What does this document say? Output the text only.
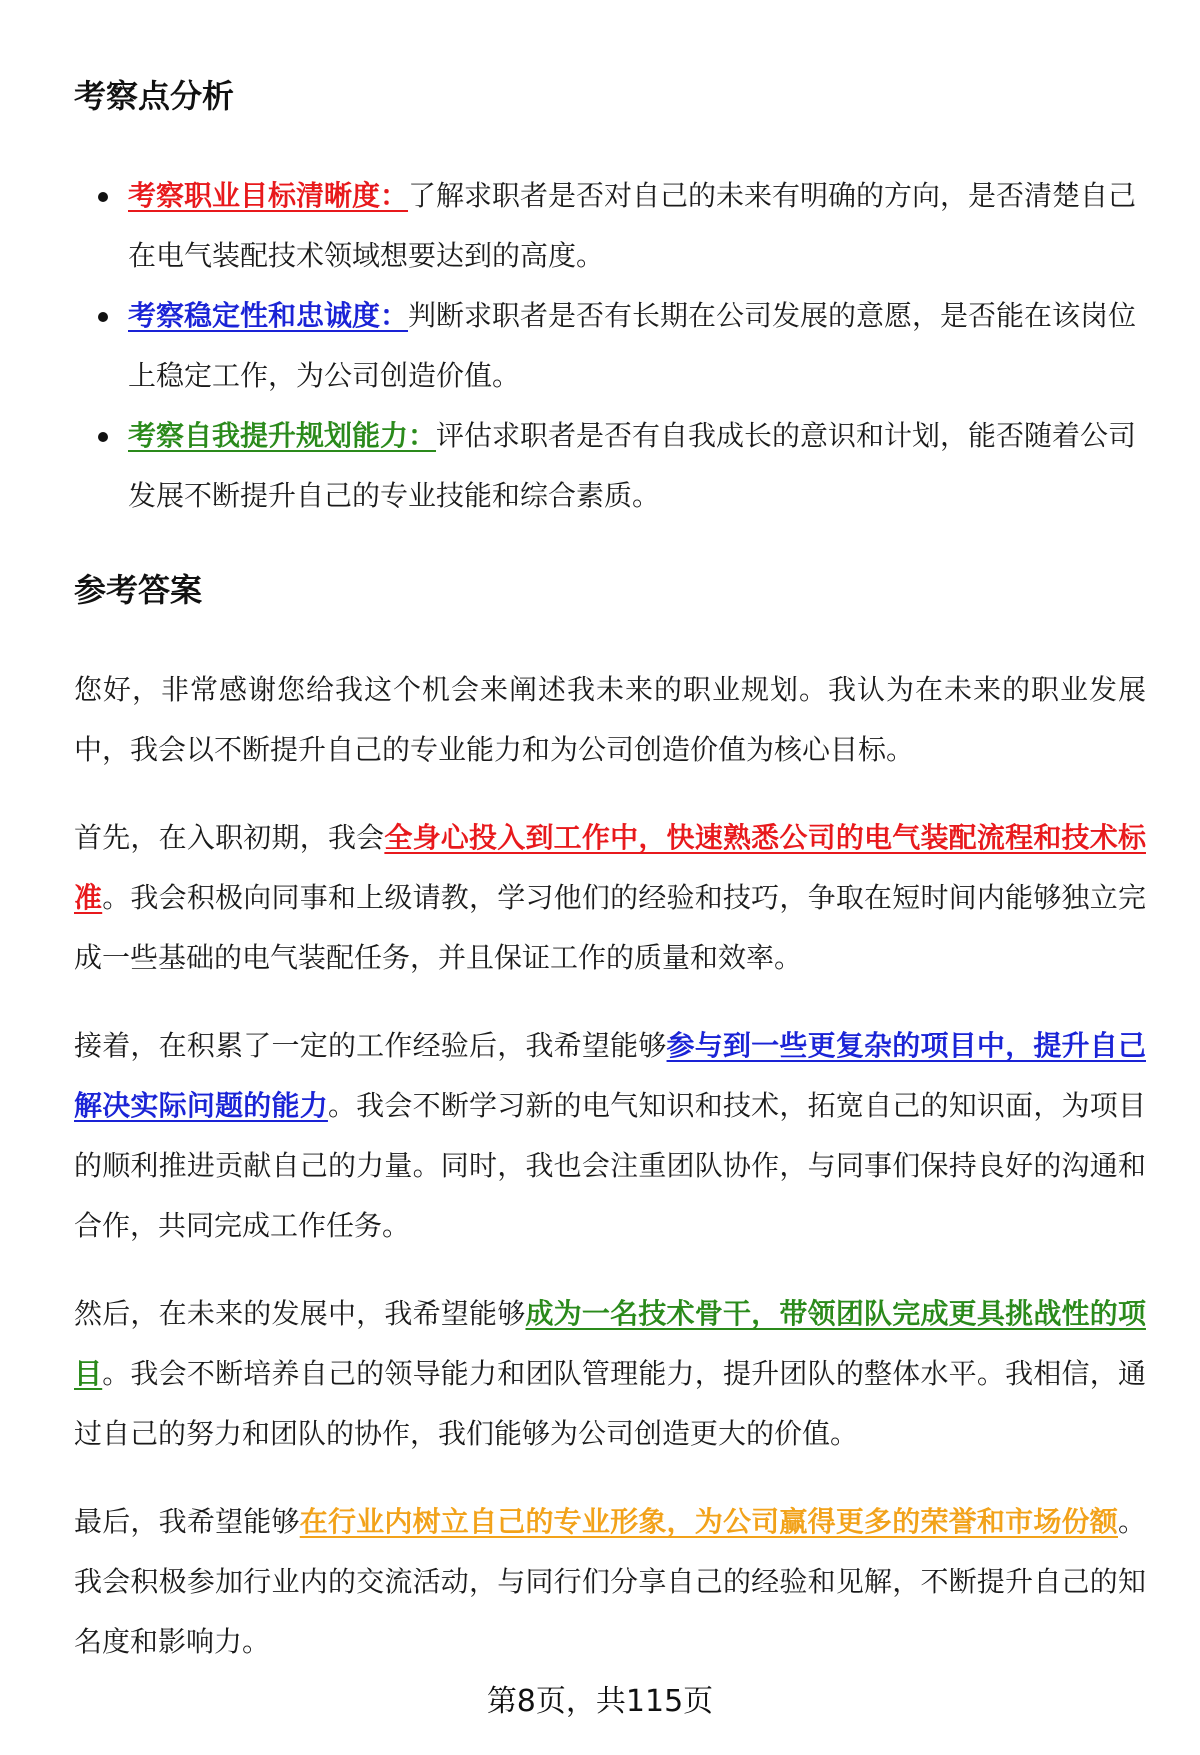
考察点分析
考察职业目标清晰度：了解求职者是否对自己的未来有明确的方向，是否清楚自己在电气装配技术领域想要达到的高度。
考察稳定性和忠诚度：判断求职者是否有长期在公司发展的意愿，是否能在该岗位上稳定工作，为公司创造价值。
考察自我提升规划能力：评估求职者是否有自我成长的意识和计划，能否随着公司发展不断提升自己的专业技能和综合素质。
参考答案

您好，非常感谢您给我这个机会来阐述我未来的职业规划。我认为在未来的职业发展中，我会以不断提升自己的专业能力和为公司创造价值为核心目标。

首先，在入职初期，我会全身心投入到工作中，快速熟悉公司的电气装配流程和技术标准。我会积极向同事和上级请教，学习他们的经验和技巧，争取在短时间内能够独立完成一些基础的电气装配任务，并且保证工作的质量和效率。

接着，在积累了一定的工作经验后，我希望能够参与到一些更复杂的项目中，提升自己解决实际问题的能力。我会不断学习新的电气知识和技术，拓宽自己的知识面，为项目的顺利推进贡献自己的力量。同时，我也会注重团队协作，与同事们保持良好的沟通和合作，共同完成工作任务。

然后，在未来的发展中，我希望能够成为一名技术骨干，带领团队完成更具挑战性的项目。我会不断培养自己的领导能力和团队管理能力，提升团队的整体水平。我相信，通过自己的努力和团队的协作，我们能够为公司创造更大的价值。

最后，我希望能够在行业内树立自己的专业形象，为公司赢得更多的荣誉和市场份额。我会积极参加行业内的交流活动，与同行们分享自己的经验和见解，不断提升自己的知名度和影响力。

第8页，共115页
